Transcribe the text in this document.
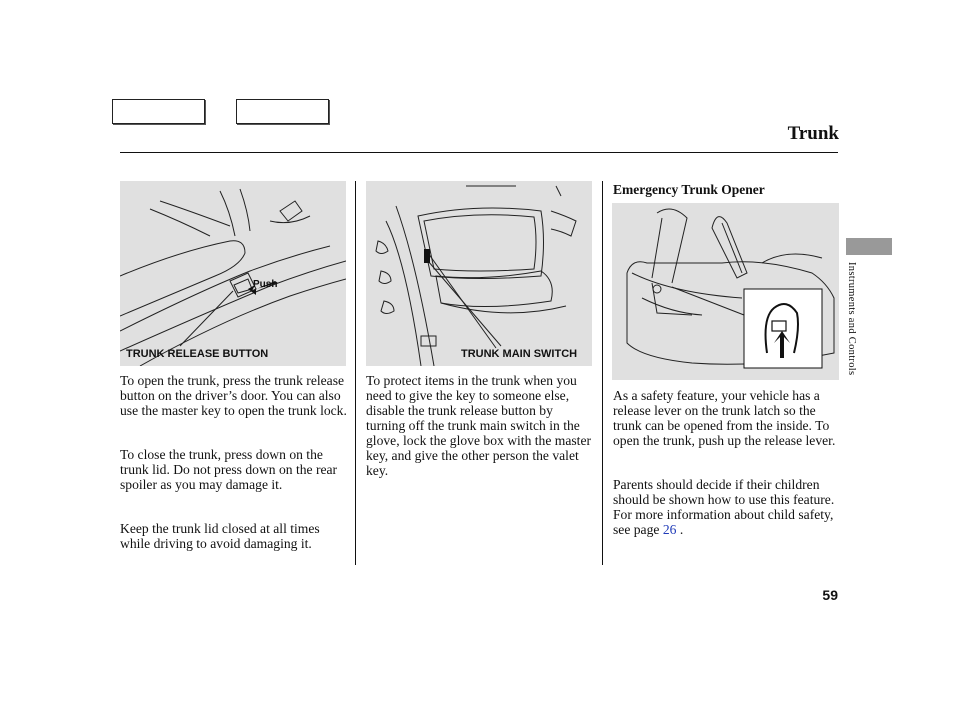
Trunk
Push
TRUNK RELEASE BUTTON	TRUNK MAIN SWITCH

To open the trunk, press the trunk release button on the driver’s door. You can also use the master key to open the trunk lock.

To close the trunk, press down on the trunk lid. Do not press down on the rear spoiler as you may damage it.

Keep the trunk lid closed at all times while driving to avoid damaging it.

To protect items in the trunk when you need to give the key to someone else, disable the trunk release button by turning off the trunk main switch in the glove, lock the glove box with the master key, and give the other person the valet key.

Emergency Trunk Opener

As a safety feature, your vehicle has a release lever on the trunk latch so the trunk can be opened from the inside. To open the trunk, push up the release lever.

Parents should decide if their children should be shown how to use this feature. For more information about child safety, see page 26 .

Instruments and Controls
59
